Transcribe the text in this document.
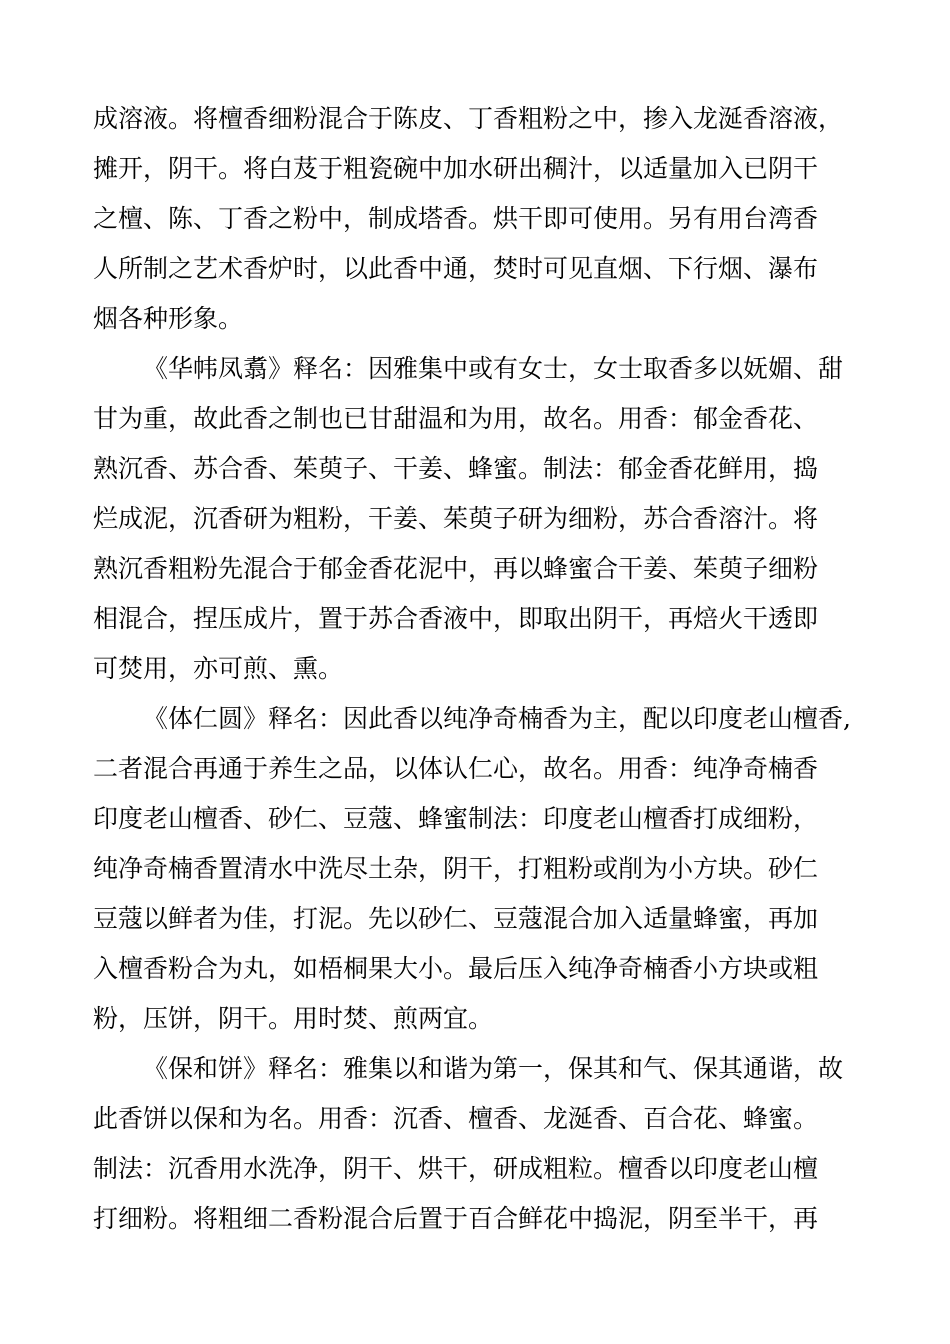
成溶液。将檀香细粉混合于陈皮、丁香粗粉之中，掺入龙涎香溶液，
摊开，阴干。将白芨于粗瓷碗中加水研出稠汁，以适量加入已阴干
之檀、陈、丁香之粉中，制成塔香。烘干即可使用。另有用台湾香
人所制之艺术香炉时，以此香中通，焚时可见直烟、下行烟、瀑布
烟各种形象。
《华帏凤翥》释名：因雅集中或有女士，女士取香多以妩媚、甜
甘为重，故此香之制也已甘甜温和为用，故名。用香：郁金香花、
熟沉香、苏合香、茱萸子、干姜、蜂蜜。制法：郁金香花鲜用，捣
烂成泥，沉香研为粗粉，干姜、茱萸子研为细粉，苏合香溶汁。将
熟沉香粗粉先混合于郁金香花泥中，再以蜂蜜合干姜、茱萸子细粉
相混合，捏压成片，置于苏合香液中，即取出阴干，再焙火干透即
可焚用，亦可煎、熏。
《体仁圆》释名：因此香以纯净奇楠香为主，配以印度老山檀香,
二者混合再通于养生之品，以体认仁心，故名。用香：纯净奇楠香
印度老山檀香、砂仁、豆蔻、蜂蜜制法：印度老山檀香打成细粉，
纯净奇楠香置清水中洗尽土杂，阴干，打粗粉或削为小方块。砂仁
豆蔻以鲜者为佳，打泥。先以砂仁、豆蔻混合加入适量蜂蜜，再加
入檀香粉合为丸，如梧桐果大小。最后压入纯净奇楠香小方块或粗
粉，压饼，阴干。用时焚、煎两宜。
《保和饼》释名：雅集以和谐为第一，保其和气、保其通谐，故
此香饼以保和为名。用香：沉香、檀香、龙涎香、百合花、蜂蜜。
制法：沉香用水洗净，阴干、烘干，研成粗粒。檀香以印度老山檀
打细粉。将粗细二香粉混合后置于百合鲜花中捣泥，阴至半干，再
